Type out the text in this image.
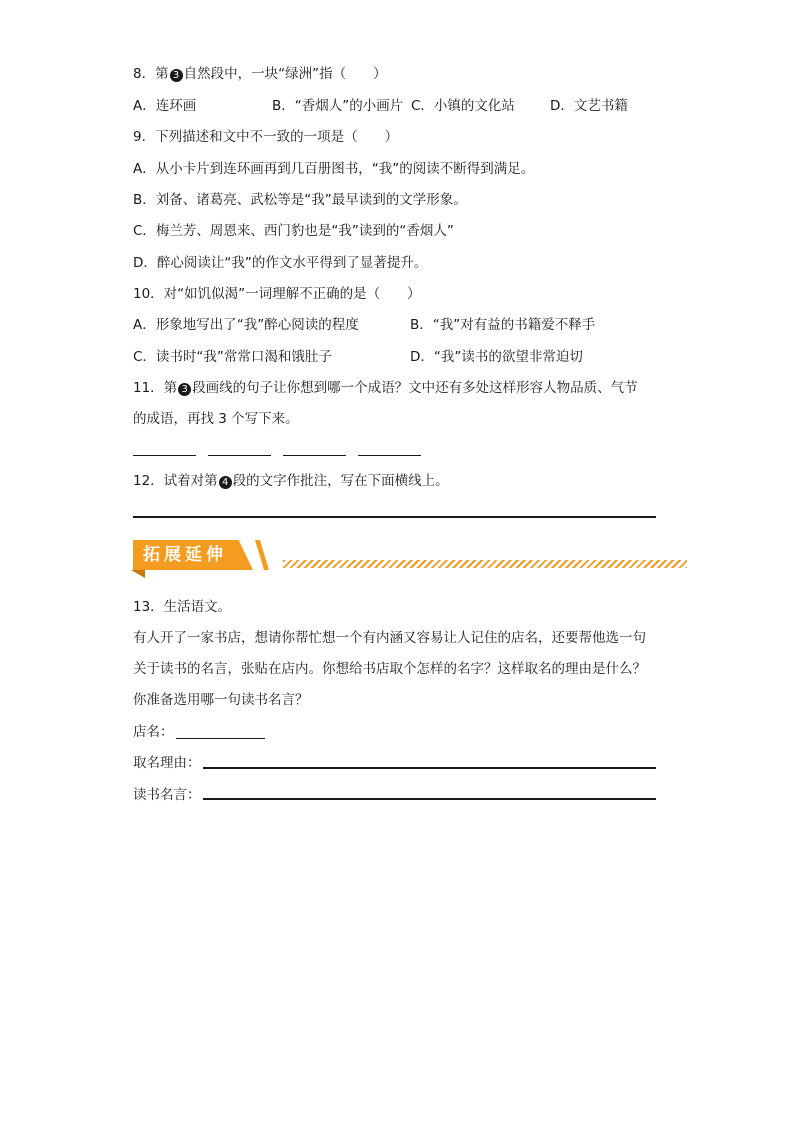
8．第 3 自然段中，一块“绿洲”指（　　）
A．连环画	B．“香烟人”的小画片 C．小镇的文化站	D．文艺书籍
9．下列描述和文中不一致的一项是（　　）
A．从小卡片到连环画再到几百册图书，“我”的阅读不断得到满足。
B．刘备、诸葛亮、武松等是“我”最早读到的文学形象。
C．梅兰芳、周恩来、西门豹也是“我”读到的“香烟人”
D．醉心阅读让“我”的作文水平得到了显著提升。
10．对“如饥似渴”一词理解不正确的是（　　）
A．形象地写出了“我”醉心阅读的程度	B．“我”对有益的书籍爱不释手
C．读书时“我”常常口渴和饿肚子	D．“我”读书的欲望非常迫切
11．第 3 段画线的句子让你想到哪一个成语？文中还有多处这样形容人物品质、气节
的成语，再找 3 个写下来。
12．试着对第 4 段的文字作批注，写在下面横线上。
拓展延伸
13．生活语文。
有人开了一家书店，想请你帮忙想一个有内涵又容易让人记住的店名，还要帮他选一句
关于读书的名言，张贴在店内。你想给书店取个怎样的名字？这样取名的理由是什么？
你准备选用哪一句读书名言？
店名：
取名理由：
读书名言：
